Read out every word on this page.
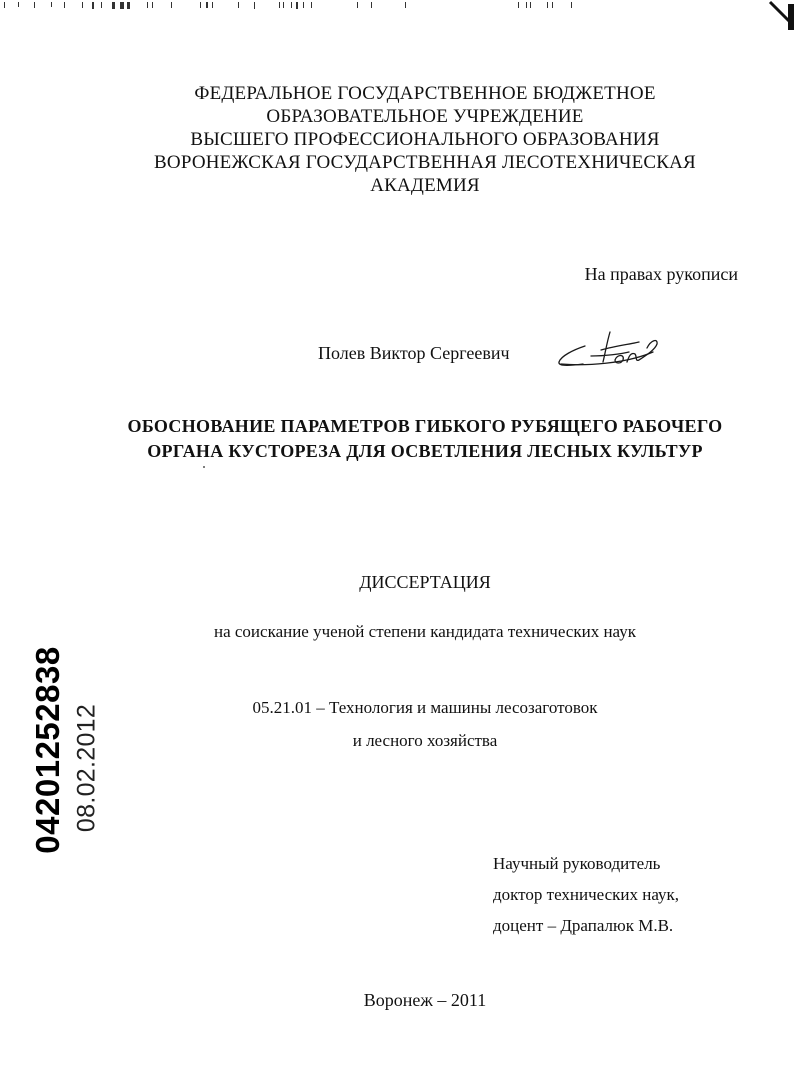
ФЕДЕРАЛЬНОЕ ГОСУДАРСТВЕННОЕ БЮДЖЕТНОЕ
ОБРАЗОВАТЕЛЬНОЕ УЧРЕЖДЕНИЕ
ВЫСШЕГО ПРОФЕССИОНАЛЬНОГО ОБРАЗОВАНИЯ
ВОРОНЕЖСКАЯ ГОСУДАРСТВЕННАЯ ЛЕСОТЕХНИЧЕСКАЯ
АКАДЕМИЯ
На правах рукописи
Полев Виктор Сергеевич
ОБОСНОВАНИЕ ПАРАМЕТРОВ ГИБКОГО РУБЯЩЕГО РАБОЧЕГО
ОРГАНА КУСТОРЕЗА ДЛЯ ОСВЕТЛЕНИЯ ЛЕСНЫХ КУЛЬТУР
ДИССЕРТАЦИЯ
на соискание ученой степени кандидата технических наук
05.21.01 – Технология и машины лесозаготовок
и лесного хозяйства
Научный руководитель
доктор технических наук,
доцент – Драпалюк М.В.
Воронеж – 2011
04201252838 08.02.2012
